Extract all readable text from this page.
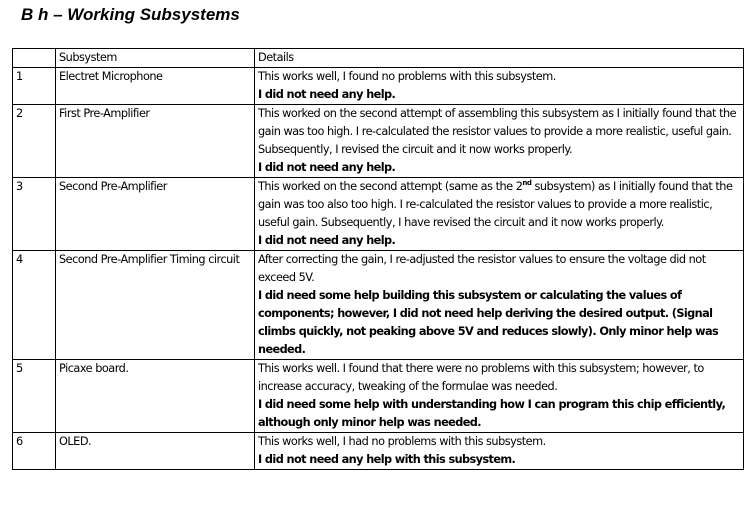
B h – Working Subsystems
	Subsystem	Details
1	Electret Microphone	This works well, I found no problems with this subsystem.
I did not need any help.

2	First Pre-Amplifier	This worked on the second attempt of assembling this subsystem as I initially found that the gain was too high. I re-calculated the resistor values to provide a more realistic, useful gain. Subsequently, I revised the circuit and it now works properly.
I did not need any help.

3	Second Pre-Amplifier	This worked on the second attempt (same as the 2nd subsystem) as I initially found that the gain was too also too high. I re-calculated the resistor values to provide a more realistic, useful gain. Subsequently, I have revised the circuit and it now works properly.
I did not need any help.

4	Second Pre-Amplifier Timing circuit	After correcting the gain, I re-adjusted the resistor values to ensure the voltage did not exceed 5V.
I did need some help building this subsystem or calculating the values of components; however, I did not need help deriving the desired output. (Signal climbs quickly, not peaking above 5V and reduces slowly). Only minor help was needed.

5	Picaxe board.	This works well. I found that there were no problems with this subsystem; however, to increase accuracy, tweaking of the formulae was needed.
I did need some help with understanding how I can program this chip efficiently, although only minor help was needed.

6	OLED.	This works well, I had no problems with this subsystem.
I did not need any help with this subsystem.
